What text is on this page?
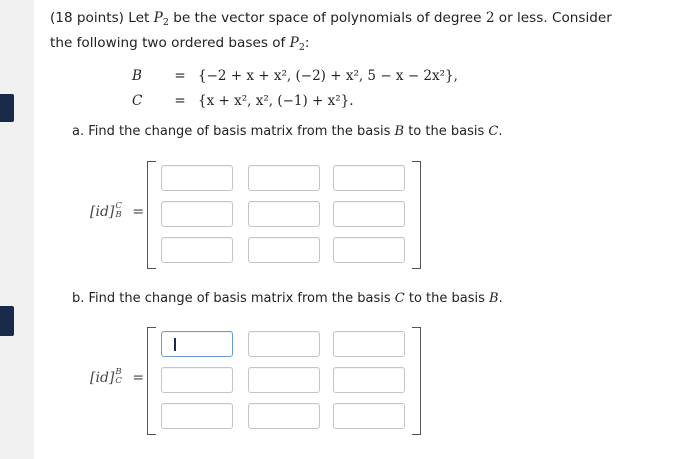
(18 points) Let $P_2$ be the vector space of polynomials of degree 2 or less. Consider
the following two ordered bases of $P_2$:
B	= {−2 + x + x², (−2) + x², 5 − x − 2x²},
C	= {x + x², x², (−1) + x²}.
a. Find the change of basis matrix from the basis B to the basis C.
[id] C
B =
b. Find the change of basis matrix from the basis C to the basis B.
[id] B
C =
